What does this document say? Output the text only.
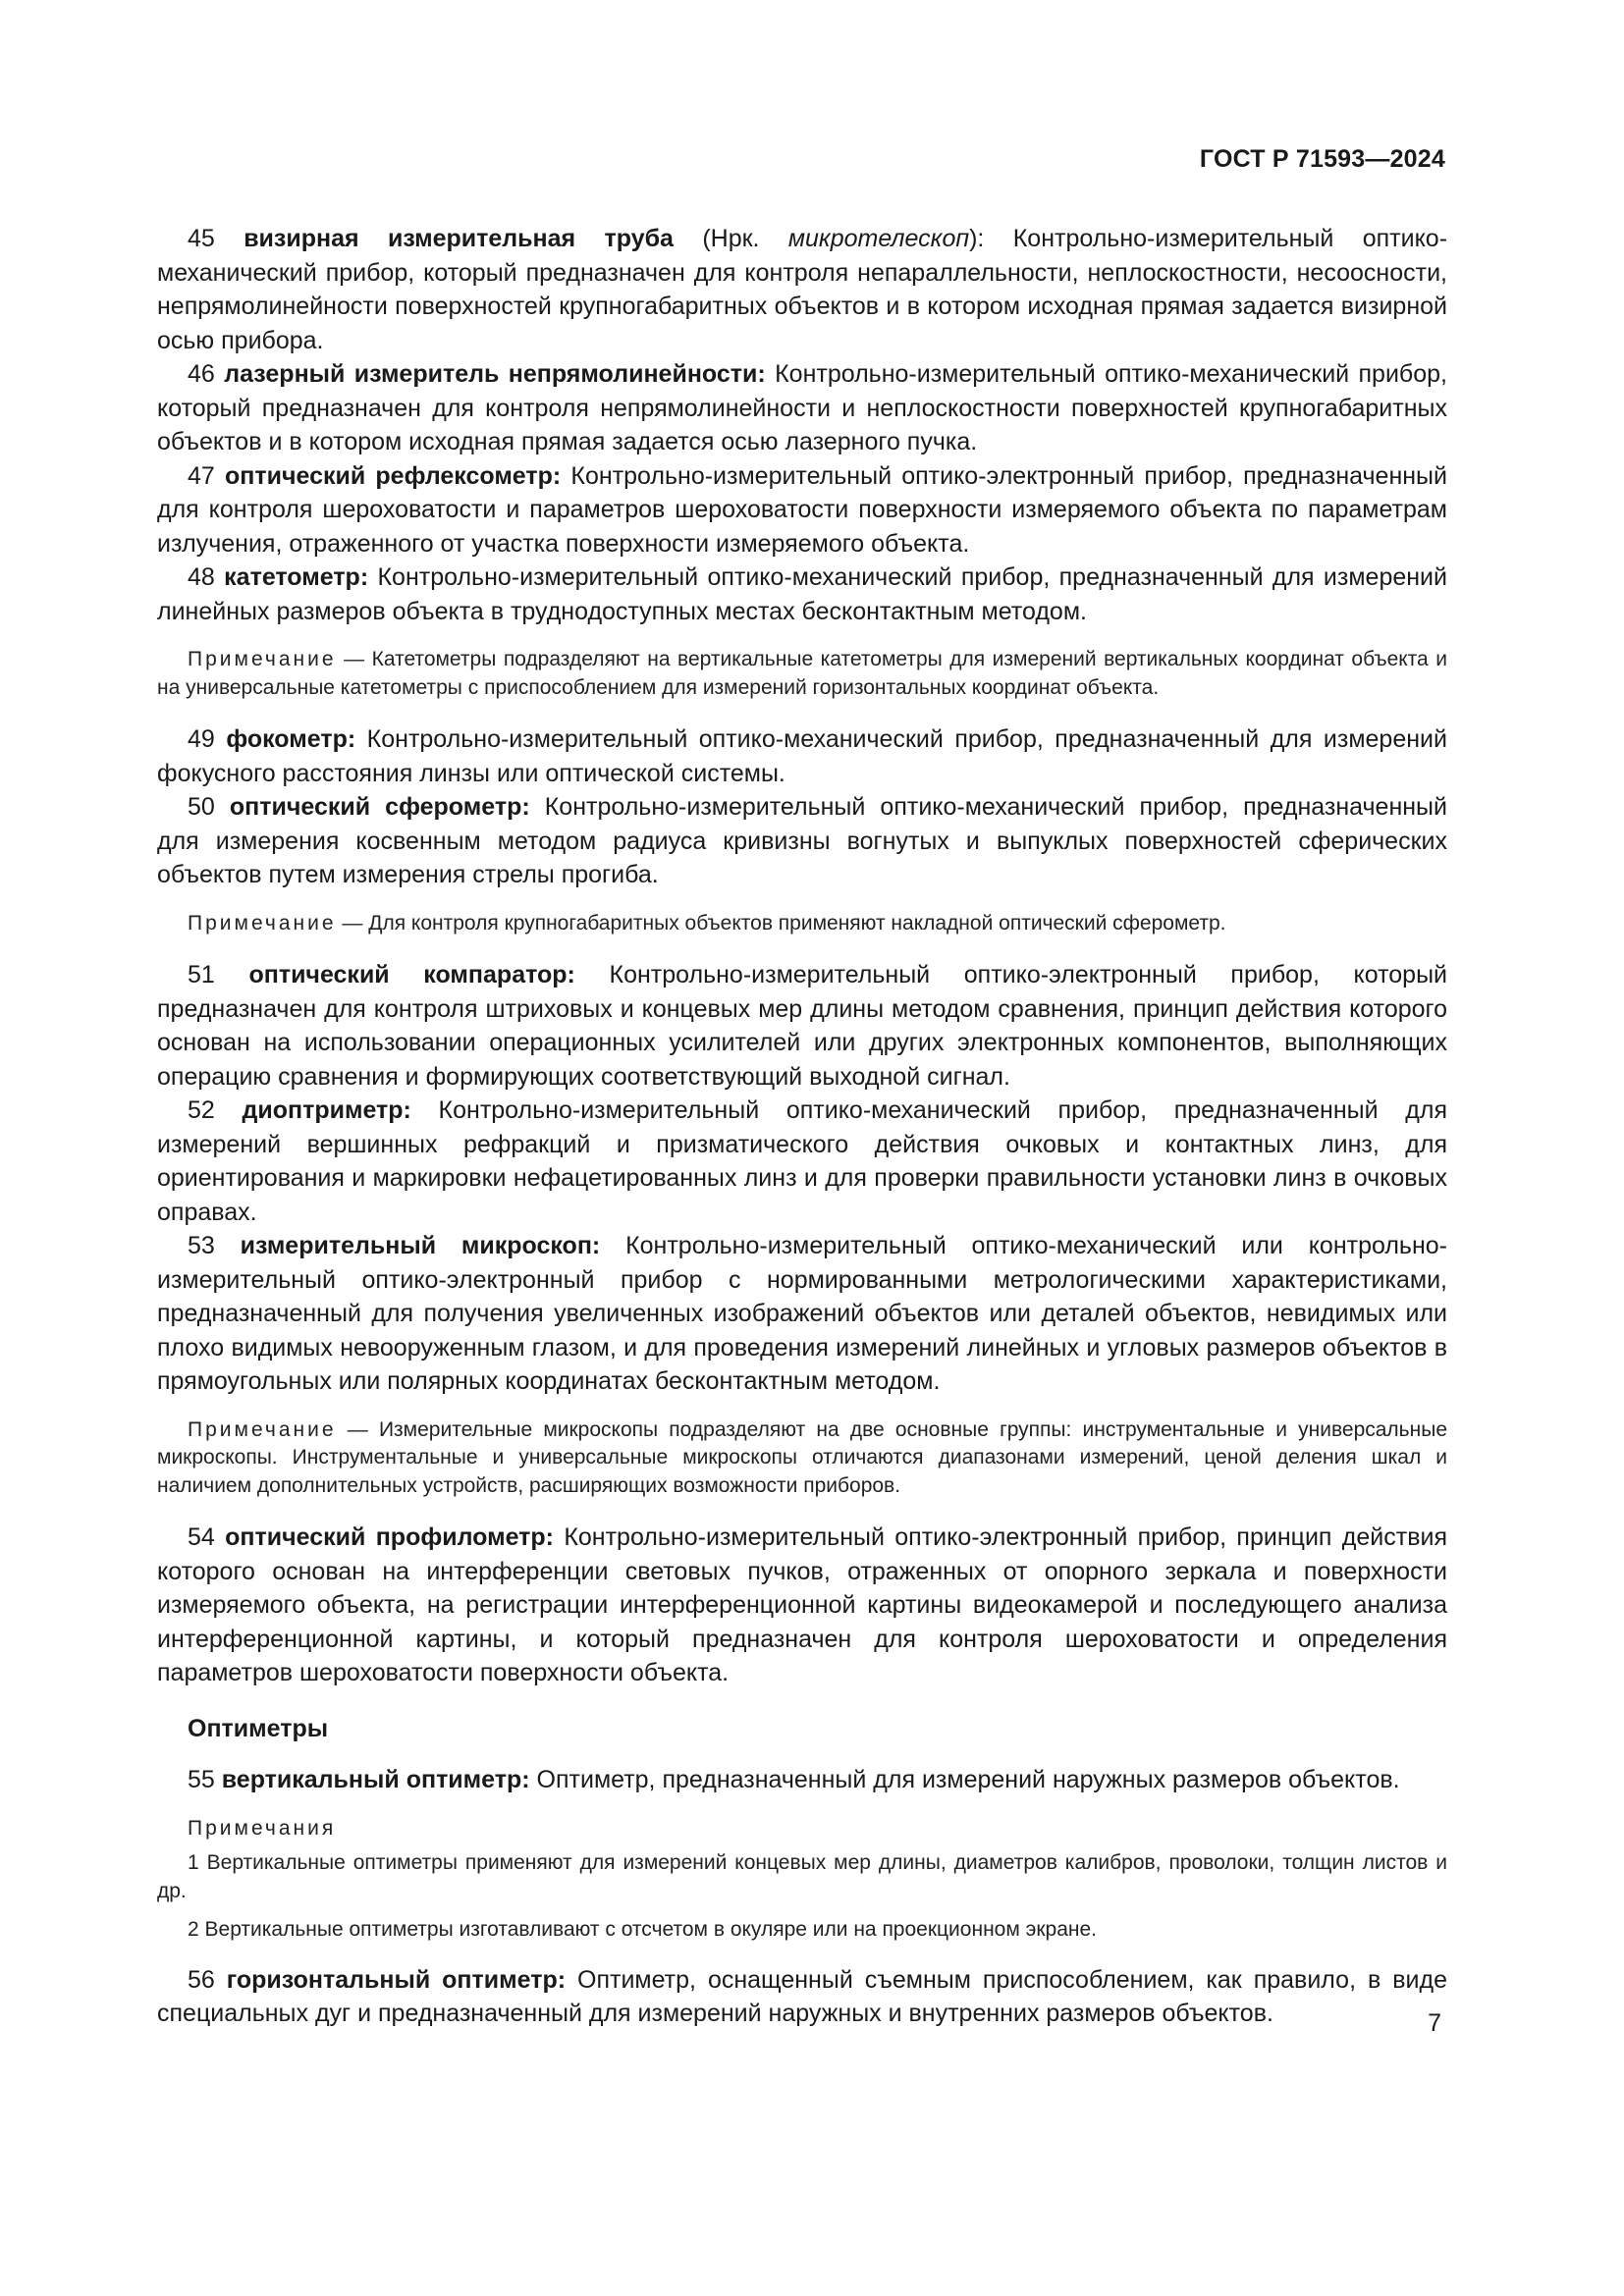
ГОСТ Р 71593—2024

45 визирная измерительная труба (Нрк. микротелескоп): Контрольно-измерительный оптико-механический прибор, который предназначен для контроля непараллельности, неплоскостности, несоосности, непрямолинейности поверхностей крупногабаритных объектов и в котором исходная прямая задается визирной осью прибора.

46 лазерный измеритель непрямолинейности: Контрольно-измерительный оптико-механический прибор, который предназначен для контроля непрямолинейности и неплоскостности поверхностей крупногабаритных объектов и в котором исходная прямая задается осью лазерного пучка.

47 оптический рефлексометр: Контрольно-измерительный оптико-электронный прибор, предназначенный для контроля шероховатости и параметров шероховатости поверхности измеряемого объекта по параметрам излучения, отраженного от участка поверхности измеряемого объекта.

48 катетометр: Контрольно-измерительный оптико-механический прибор, предназначенный для измерений линейных размеров объекта в труднодоступных местах бесконтактным методом.

Примечание — Катетометры подразделяют на вертикальные катетометры для измерений вертикальных координат объекта и на универсальные катетометры с приспособлением для измерений горизонтальных координат объекта.

49 фокометр: Контрольно-измерительный оптико-механический прибор, предназначенный для измерений фокусного расстояния линзы или оптической системы.

50 оптический сферометр: Контрольно-измерительный оптико-механический прибор, предназначенный для измерения косвенным методом радиуса кривизны вогнутых и выпуклых поверхностей сферических объектов путем измерения стрелы прогиба.

Примечание — Для контроля крупногабаритных объектов применяют накладной оптический сферометр.

51 оптический компаратор: Контрольно-измерительный оптико-электронный прибор, который предназначен для контроля штриховых и концевых мер длины методом сравнения, принцип действия которого основан на использовании операционных усилителей или других электронных компонентов, выполняющих операцию сравнения и формирующих соответствующий выходной сигнал.

52 диоптриметр: Контрольно-измерительный оптико-механический прибор, предназначенный для измерений вершинных рефракций и призматического действия очковых и контактных линз, для ориентирования и маркировки нефацетированных линз и для проверки правильности установки линз в очковых оправах.

53 измерительный микроскоп: Контрольно-измерительный оптико-механический или контрольно-измерительный оптико-электронный прибор с нормированными метрологическими характеристиками, предназначенный для получения увеличенных изображений объектов или деталей объектов, невидимых или плохо видимых невооруженным глазом, и для проведения измерений линейных и угловых размеров объектов в прямоугольных или полярных координатах бесконтактным методом.

Примечание — Измерительные микроскопы подразделяют на две основные группы: инструментальные и универсальные микроскопы. Инструментальные и универсальные микроскопы отличаются диапазонами измерений, ценой деления шкал и наличием дополнительных устройств, расширяющих возможности приборов.

54 оптический профилометр: Контрольно-измерительный оптико-электронный прибор, принцип действия которого основан на интерференции световых пучков, отраженных от опорного зеркала и поверхности измеряемого объекта, на регистрации интерференционной картины видеокамерой и последующего анализа интерференционной картины, и который предназначен для контроля шероховатости и определения параметров шероховатости поверхности объекта.

Оптиметры

55 вертикальный оптиметр: Оптиметр, предназначенный для измерений наружных размеров объектов.

Примечания

1 Вертикальные оптиметры применяют для измерений концевых мер длины, диаметров калибров, проволоки, толщин листов и др.

2 Вертикальные оптиметры изготавливают с отсчетом в окуляре или на проекционном экране.

56 горизонтальный оптиметр: Оптиметр, оснащенный съемным приспособлением, как правило, в виде специальных дуг и предназначенный для измерений наружных и внутренних размеров объектов.	7
